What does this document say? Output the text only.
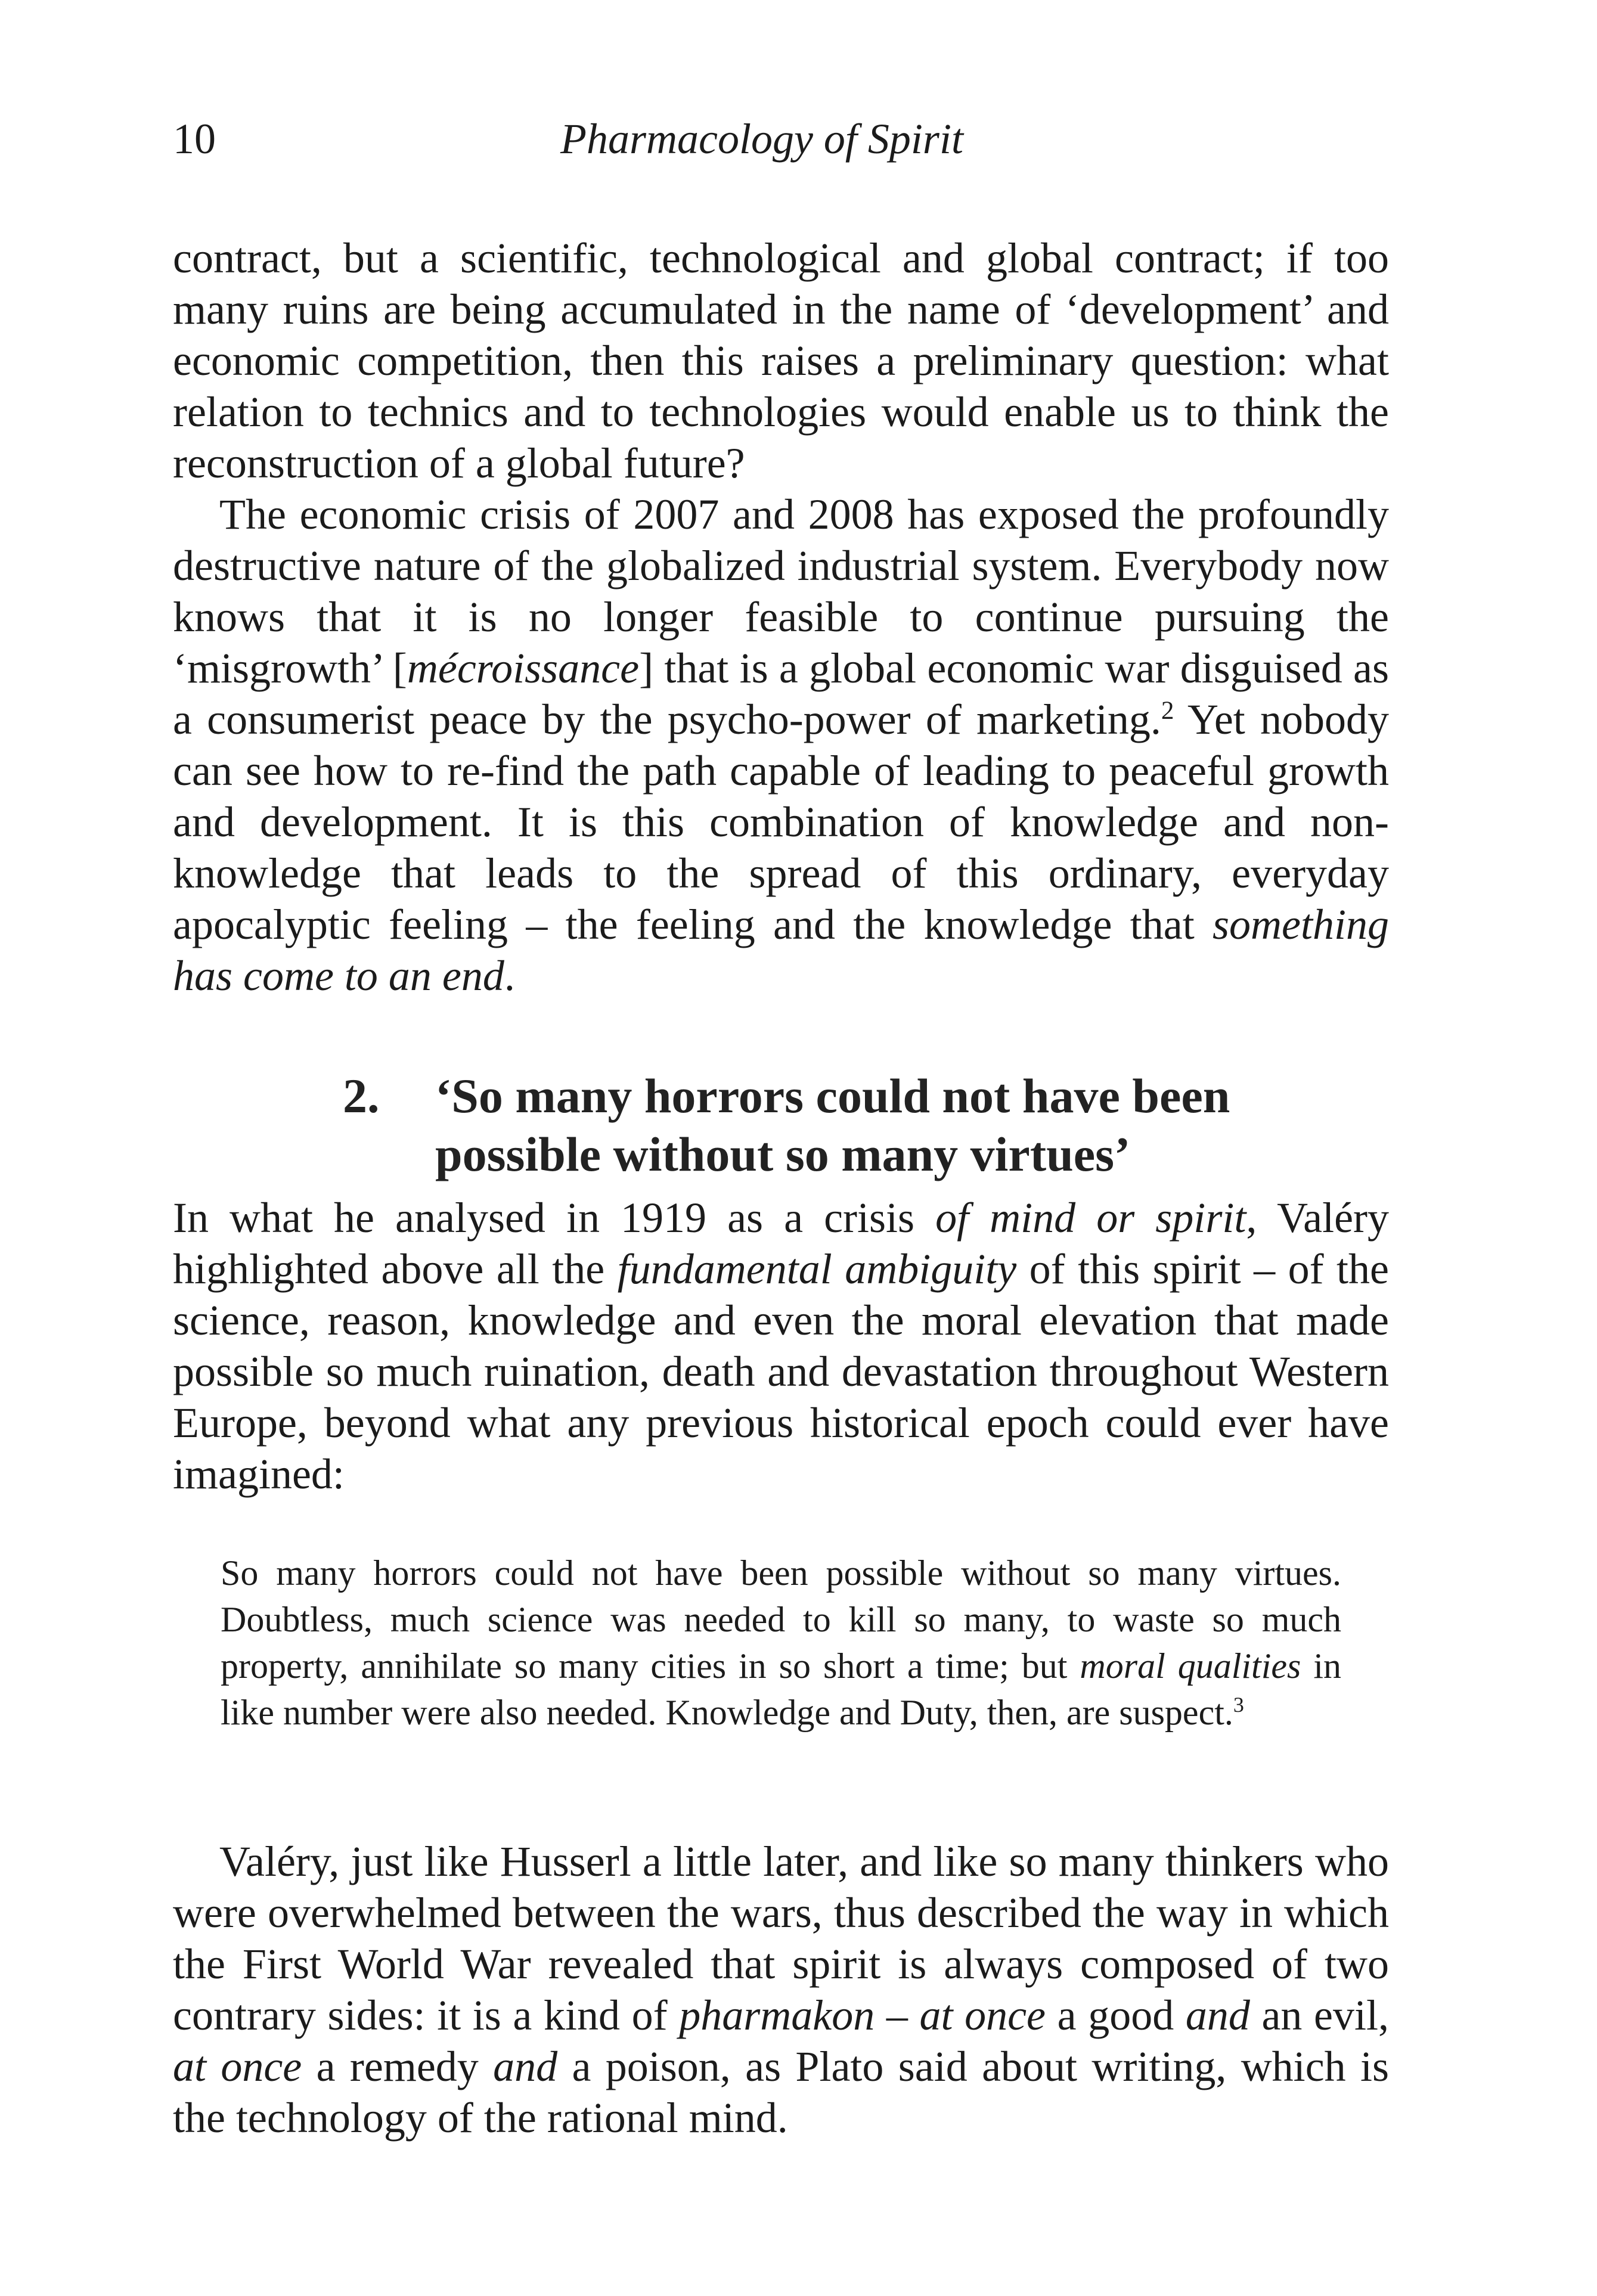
10	Pharmacology of Spirit

contract, but a scientific, technological and global contract; if too many ruins are being accumulated in the name of ‘development’ and economic competition, then this raises a preliminary question: what relation to technics and to technologies would enable us to think the reconstruction of a global future?

The economic crisis of 2007 and 2008 has exposed the profoundly destructive nature of the globalized industrial system. Everybody now knows that it is no longer feasible to continue pursuing the ‘misgrowth’ [mécroissance] that is a global economic war disguised as a consumerist peace by the psycho-power of marketing.$^2$ Yet nobody can see how to re-find the path capable of leading to peaceful growth and development. It is this combination of knowledge and non-knowledge that leads to the spread of this ordinary, everyday apocalyptic feeling – the feeling and the knowledge that something has come to an end.

2. ‘So many horrors could not have been possible without so many virtues’

In what he analysed in 1919 as a crisis of mind or spirit, Valéry highlighted above all the fundamental ambiguity of this spirit – of the science, reason, knowledge and even the moral elevation that made possible so much ruination, death and devastation throughout Western Europe, beyond what any previous historical epoch could ever have imagined:

So many horrors could not have been possible without so many virtues. Doubtless, much science was needed to kill so many, to waste so much property, annihilate so many cities in so short a time; but moral qualities in like number were also needed. Knowledge and Duty, then, are suspect.$^3$

Valéry, just like Husserl a little later, and like so many thinkers who were overwhelmed between the wars, thus described the way in which the First World War revealed that spirit is always composed of two contrary sides: it is a kind of pharmakon – at once a good and an evil, at once a remedy and a poison, as Plato said about writing, which is the technology of the rational mind.
